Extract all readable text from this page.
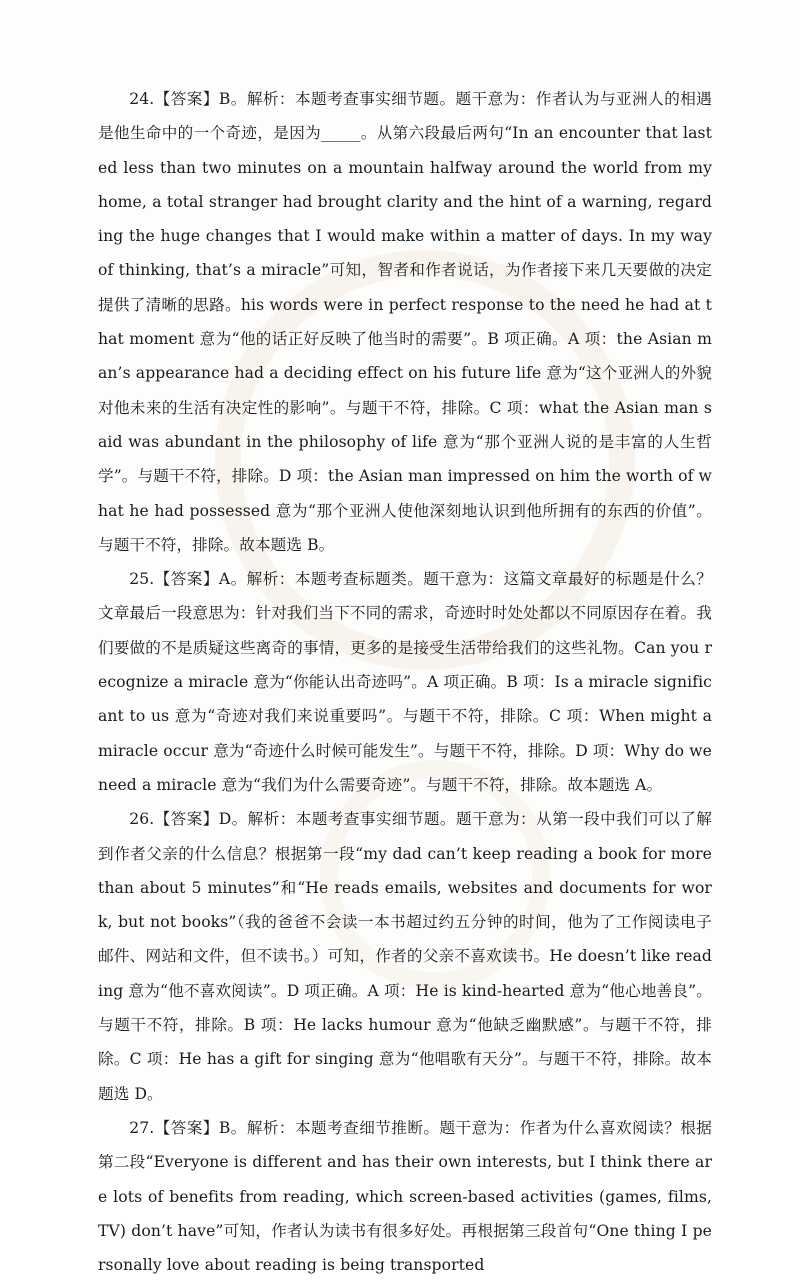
24.【答案】B。解析：本题考查事实细节题。题干意为：作者认为与亚洲人的相遇是他生命中的一个奇迹，是因为_____。从第六段最后两句“In an encounter that lasted less than two minutes on a mountain halfway around the world from my home, a total stranger had brought clarity and the hint of a warning, regarding the huge changes that I would make within a matter of days. In my way of thinking, that’s a miracle”可知，智者和作者说话，为作者接下来几天要做的决定提供了清晰的思路。his words were in perfect response to the need he had at that moment 意为“他的话正好反映了他当时的需要”。B 项正确。A 项：the Asian man’s appearance had a deciding effect on his future life 意为“这个亚洲人的外貌对他未来的生活有决定性的影响”。与题干不符，排除。C 项：what the Asian man said was abundant in the philosophy of life 意为“那个亚洲人说的是丰富的人生哲学”。与题干不符，排除。D 项：the Asian man impressed on him the worth of what he had possessed 意为“那个亚洲人使他深刻地认识到他所拥有的东西的价值”。与题干不符，排除。故本题选 B。

25.【答案】A。解析：本题考查标题类。题干意为：这篇文章最好的标题是什么？文章最后一段意思为：针对我们当下不同的需求，奇迹时时处处都以不同原因存在着。我们要做的不是质疑这些离奇的事情，更多的是接受生活带给我们的这些礼物。Can you recognize a miracle 意为“你能认出奇迹吗”。A 项正确。B 项：Is a miracle significant to us 意为“奇迹对我们来说重要吗”。与题干不符，排除。C 项：When might a miracle occur 意为“奇迹什么时候可能发生”。与题干不符，排除。D 项：Why do we need a miracle 意为“我们为什么需要奇迹”。与题干不符，排除。故本题选 A。

26.【答案】D。解析：本题考查事实细节题。题干意为：从第一段中我们可以了解到作者父亲的什么信息？根据第一段“my dad can’t keep reading a book for more than about 5 minutes”和“He reads emails, websites and documents for work, but not books”（我的爸爸不会读一本书超过约五分钟的时间，他为了工作阅读电子邮件、网站和文件，但不读书。）可知，作者的父亲不喜欢读书。He doesn’t like reading 意为“他不喜欢阅读”。D 项正确。A 项：He is kind-hearted 意为“他心地善良”。与题干不符，排除。B 项：He lacks humour 意为“他缺乏幽默感”。与题干不符，排除。C 项：He has a gift for singing 意为“他唱歌有天分”。与题干不符，排除。故本题选 D。

27.【答案】B。解析：本题考查细节推断。题干意为：作者为什么喜欢阅读？根据第二段“Everyone is different and has their own interests, but I think there are lots of benefits from reading, which screen-based activities (games, films, TV) don’t have”可知，作者认为读书有很多好处。再根据第三段首句“One thing I personally love about reading is being transported
